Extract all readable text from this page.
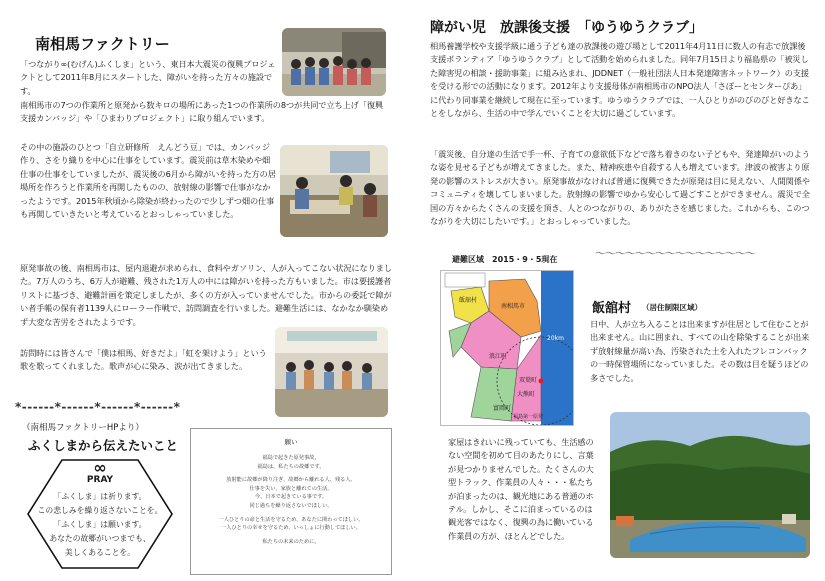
南相馬ファクトリー
「つながり∞(むげん)ふくしま」という、東日本大震災の復興プロジェクトとして2011年8月にスタートした、障がいを持った方々の施設です。
南相馬市の7つの作業所と原発から数キロの場所にあった1つの作業所の8つが共同で立ち上げ「復興支援カンバッジ」や「ひまわりプロジェクト」に取り組んでいます。
その中の施設のひとつ「自立研修所　えんどう豆」では、カンバッジ作り、さをり織りを中心に仕事をしています。震災前は草木染めや畑仕事の仕事をしていましたが、震災後の6月から障がいを持った方の居場所を作ろうと作業所を再開したものの、放射線の影響で仕事がなかったようです。2015年秋頃から除染が終わったので少しずつ畑の仕事も再開していきたいと考えているとおっしゃっていました。
原発事故の後、南相馬市は、屋内退避が求められ、食料やガソリン、人が入ってこない状況になりました。7万人のうち、6万人が避難、残された1万人の中には障がいを持った方もいました。市は要援護者リストに基づき、避難計画を策定しましたが、多くの方が入っていませんでした。市からの委託で障がい者手帳の保有者1139人にローラー作戦で、訪問調査を行いました。避難生活には、なかなか馴染めず大変な苦労をされたようです。
訪問時には皆さんで「僕は相馬、好きだよ」「虹を架けよう」という歌を歌ってくれました。歌声が心に染み、涙が出てきました。
*------*------*------*------*
（南相馬ファクトリーHPより）
ふくしまから伝えたいこと
∞
PRAY
「ふくしま」は祈ります。
この悲しみを繰り返さないことを。
「ふくしま」は願います。
あなたの故郷がいつまでも、
美しくあることを。
願い
福島で起きた原発事故。
福島は、私たちの故郷です。
放射能に故郷が降り注ぎ、故郷から離れる人、残る人、
仕事を失い、家族と離れての生活。
今、日本で起きている事です。
同じ過ちを繰り返さないでほしい。
一人ひとりの命と生活を守るため、あなたに関わってほしい。
一人ひとりの幸せを守るため、いっしょに行動してほしい。
私たちの未来のために。
障がい児　放課後支援　「ゆうゆうクラブ」
相馬養護学校や支援学級に通う子ども達の放課後の遊び場として2011年4月11日に数人の有志で放課後支援ボランティア「ゆうゆうクラブ」として活動を始められました。同年7月15日より福島県の「被災した障害児の相談・援助事業」に組み込まれ、JDDNET（一般社団法人日本発達障害ネットワーク）の支援を受ける形での活動になります。2012年より支援母体が南相馬市のNPO法人「さぽーとセンターぴあ」に代わり同事業を継続して現在に至っています。ゆうゆうクラブでは、一人ひとりがのびのびと好きなことをしながら、生活の中で学んでいくことを大切に過ごしています。
「震災後、自分達の生活で手一杯、子育ての意欲低下などで落ち着きのない子どもや、発達障がいのような姿を見せる子どもが増えてきました。また、精神疾患や自殺する人も増えています。津波の被害より原発の影響のストレスが大きい。原発事故がなければ普通に復興できたが原発は目に見えない、人間関係やコミュニティを壊してしまいました。放射線の影響でゆから安心して過ごすことができません。震災で全国の方々からたくさんの支援を頂き、人とのつながりの、ありがたさを感じました。これからも、このつながりを大切にしたいです。」とおっしゃっていました。
～～～～～～～～～～～～～～～～
避難区域　2015・9・5現在
飯舘村
南相馬市
浪江町
双葉町
大熊町
富岡町
20km
福島第一原発
飯舘村 （居住制限区域）
日中、人が立ち入ることは出来ますが住居として住むことが出来ません。山に囲まれ、すべての山を除染することが出来ず放射線量が高い為、汚染された土を入れたフレコンバックの一時保管場所になっていました。その数は目を疑うほどの多さでした。
家屋はきれいに残っていても、生活感のない空間を初めて目のあたりにし、言葉が見つかりませんでした。たくさんの大型トラック、作業員の人々・・・私たちが泊まったのは、観光地にある普通のホテル。しかし、そこに泊まっているのは観光客ではなく、復興の為に働いている作業員の方が、ほとんどでした。
